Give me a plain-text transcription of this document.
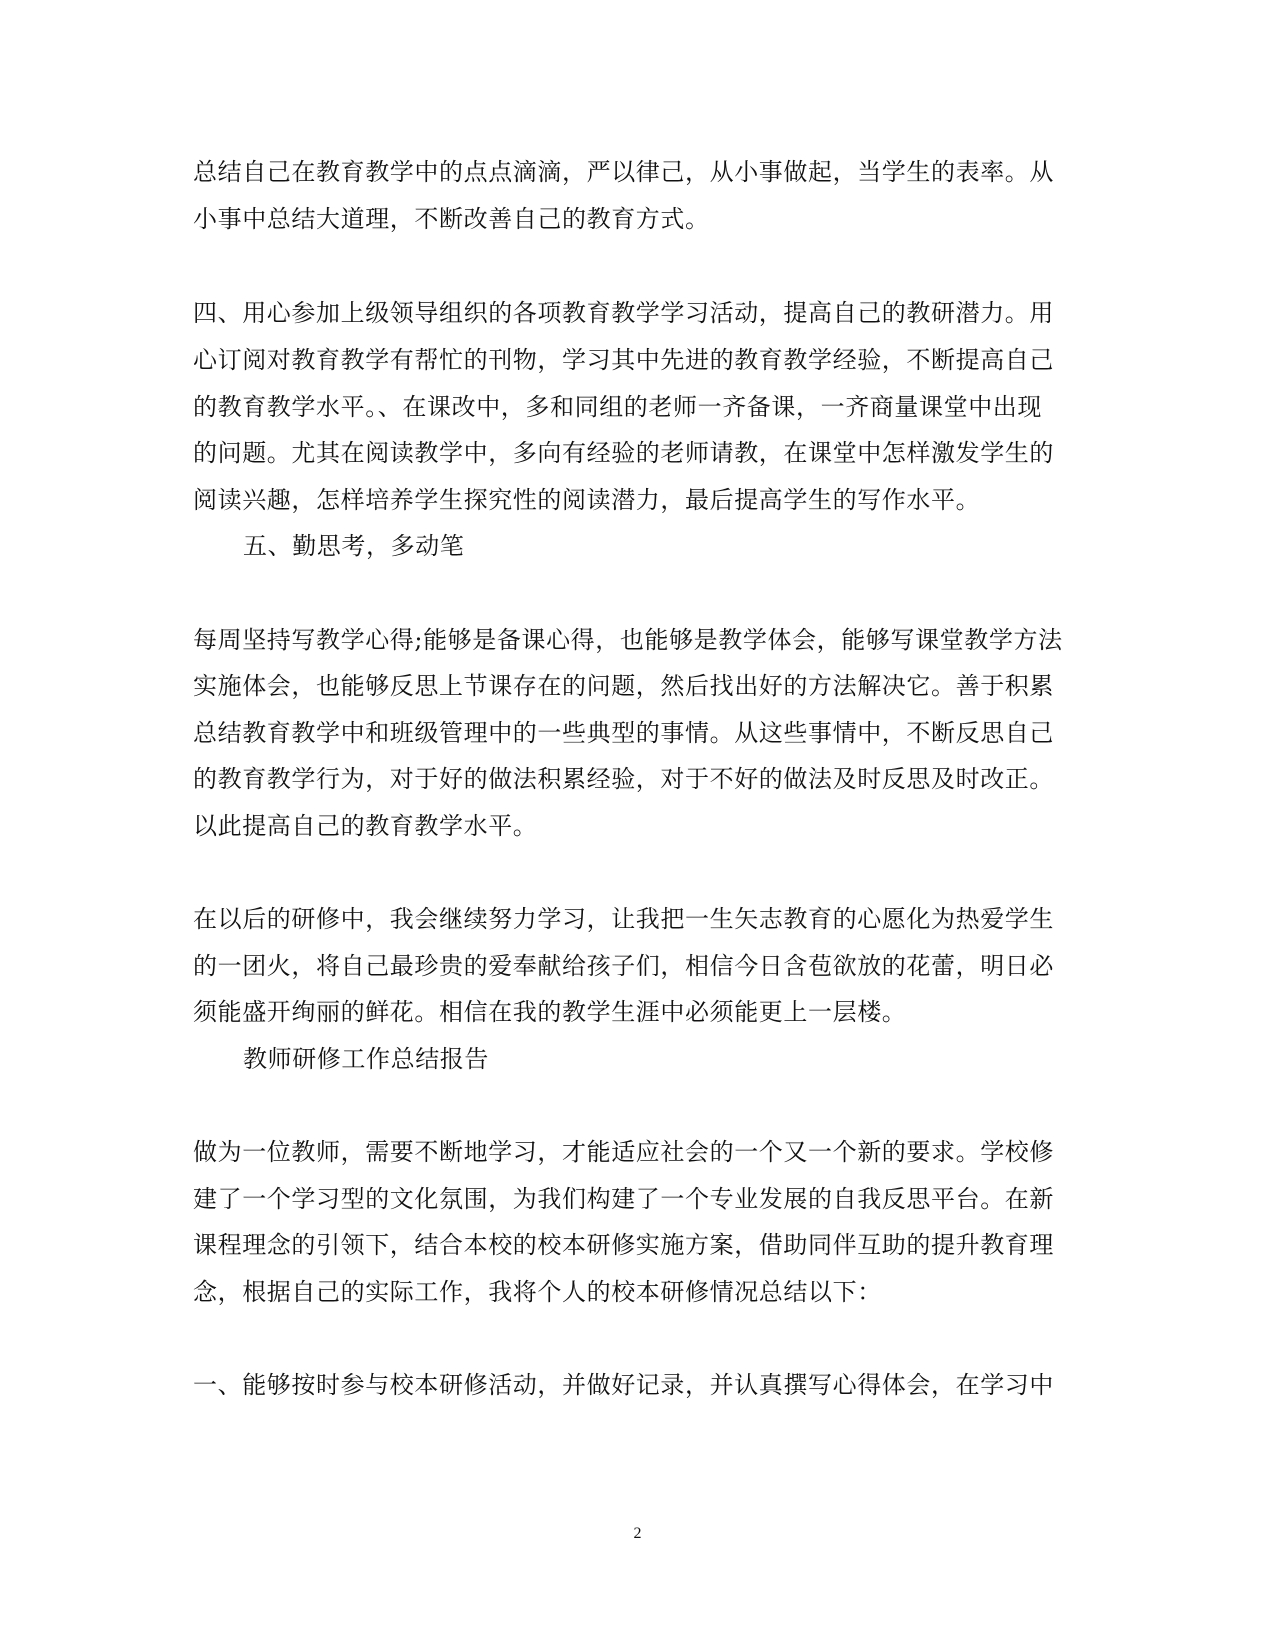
总结自己在教育教学中的点点滴滴，严以律己，从小事做起，当学生的表率。从
小事中总结大道理，不断改善自己的教育方式。
四、用心参加上级领导组织的各项教育教学学习活动，提高自己的教研潜力。用
心订阅对教育教学有帮忙的刊物，学习其中先进的教育教学经验，不断提高自己
的教育教学水平。、在课改中，多和同组的老师一齐备课，一齐商量课堂中出现
的问题。尤其在阅读教学中，多向有经验的老师请教，在课堂中怎样激发学生的
阅读兴趣，怎样培养学生探究性的阅读潜力，最后提高学生的写作水平。
五、勤思考，多动笔
每周坚持写教学心得;能够是备课心得，也能够是教学体会，能够写课堂教学方法
实施体会，也能够反思上节课存在的问题，然后找出好的方法解决它。善于积累
总结教育教学中和班级管理中的一些典型的事情。从这些事情中，不断反思自己
的教育教学行为，对于好的做法积累经验，对于不好的做法及时反思及时改正。
以此提高自己的教育教学水平。
在以后的研修中，我会继续努力学习，让我把一生矢志教育的心愿化为热爱学生
的一团火，将自己最珍贵的爱奉献给孩子们，相信今日含苞欲放的花蕾，明日必
须能盛开绚丽的鲜花。相信在我的教学生涯中必须能更上一层楼。
教师研修工作总结报告
做为一位教师，需要不断地学习，才能适应社会的一个又一个新的要求。学校修
建了一个学习型的文化氛围，为我们构建了一个专业发展的自我反思平台。在新
课程理念的引领下，结合本校的校本研修实施方案，借助同伴互助的提升教育理
念，根据自己的实际工作，我将个人的校本研修情况总结以下：
一、能够按时参与校本研修活动，并做好记录，并认真撰写心得体会，在学习中
2
